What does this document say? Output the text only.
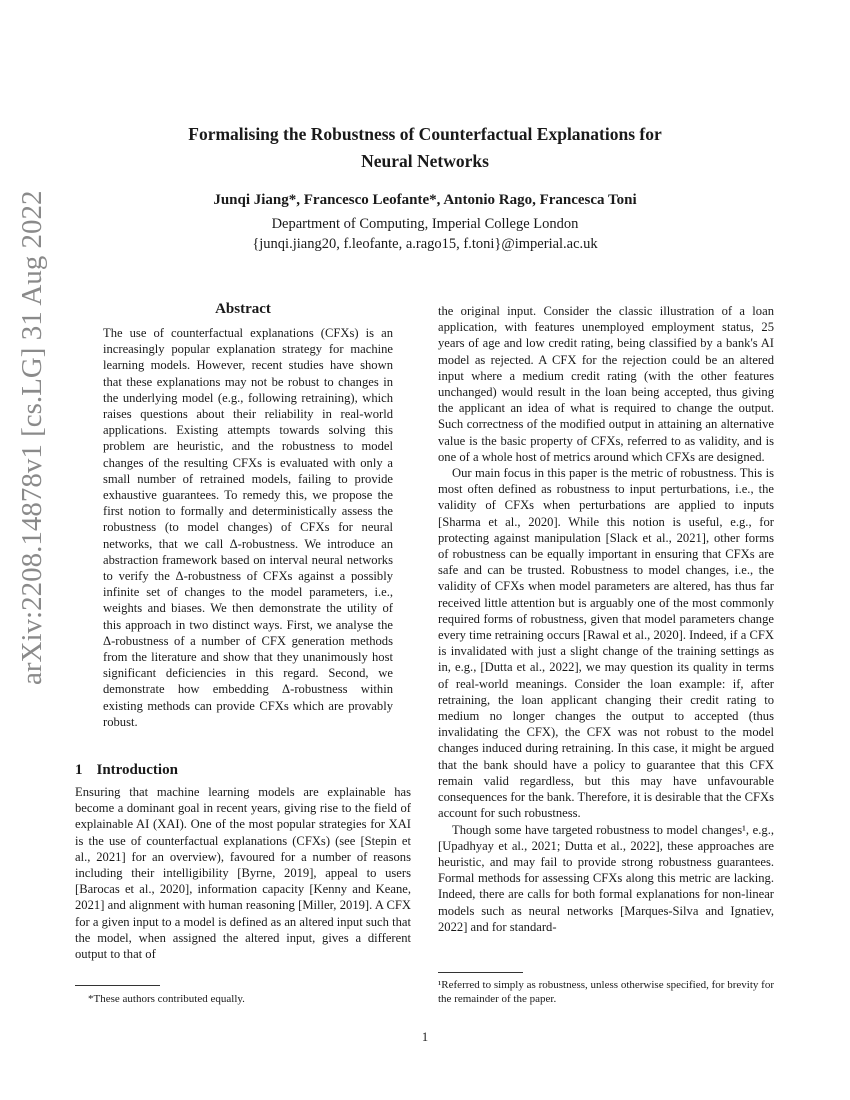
arXiv:2208.14878v1 [cs.LG] 31 Aug 2022
Formalising the Robustness of Counterfactual Explanations for
Neural Networks
Junqi Jiang*, Francesco Leofante*, Antonio Rago, Francesca Toni
Department of Computing, Imperial College London
{junqi.jiang20, f.leofante, a.rago15, f.toni}@imperial.ac.uk
Abstract
The use of counterfactual explanations (CFXs) is an increasingly popular explanation strategy for machine learning models. However, recent studies have shown that these explanations may not be robust to changes in the underlying model (e.g., following retraining), which raises questions about their reliability in real-world applications. Existing attempts towards solving this problem are heuristic, and the robustness to model changes of the resulting CFXs is evaluated with only a small number of retrained models, failing to provide exhaustive guarantees. To remedy this, we propose the first notion to formally and deterministically assess the robustness (to model changes) of CFXs for neural networks, that we call Δ-robustness. We introduce an abstraction framework based on interval neural networks to verify the Δ-robustness of CFXs against a possibly infinite set of changes to the model parameters, i.e., weights and biases. We then demonstrate the utility of this approach in two distinct ways. First, we analyse the Δ-robustness of a number of CFX generation methods from the literature and show that they unanimously host significant deficiencies in this regard. Second, we demonstrate how embedding Δ-robustness within existing methods can provide CFXs which are provably robust.
1 Introduction
Ensuring that machine learning models are explainable has become a dominant goal in recent years, giving rise to the field of explainable AI (XAI). One of the most popular strategies for XAI is the use of counterfactual explanations (CFXs) (see [Stepin et al., 2021] for an overview), favoured for a number of reasons including their intelligibility [Byrne, 2019], appeal to users [Barocas et al., 2020], information capacity [Kenny and Keane, 2021] and alignment with human reasoning [Miller, 2019]. A CFX for a given input to a model is defined as an altered input such that the model, when assigned the altered input, gives a different output to that of
*These authors contributed equally.

the original input. Consider the classic illustration of a loan application, with features unemployed employment status, 25 years of age and low credit rating, being classified by a bank's AI model as rejected. A CFX for the rejection could be an altered input where a medium credit rating (with the other features unchanged) would result in the loan being accepted, thus giving the applicant an idea of what is required to change the output. Such correctness of the modified output in attaining an alternative value is the basic property of CFXs, referred to as validity, and is one of a whole host of metrics around which CFXs are designed.

Our main focus in this paper is the metric of robustness. This is most often defined as robustness to input perturbations, i.e., the validity of CFXs when perturbations are applied to inputs [Sharma et al., 2020]. While this notion is useful, e.g., for protecting against manipulation [Slack et al., 2021], other forms of robustness can be equally important in ensuring that CFXs are safe and can be trusted. Robustness to model changes, i.e., the validity of CFXs when model parameters are altered, has thus far received little attention but is arguably one of the most commonly required forms of robustness, given that model parameters change every time retraining occurs [Rawal et al., 2020]. Indeed, if a CFX is invalidated with just a slight change of the training settings as in, e.g., [Dutta et al., 2022], we may question its quality in terms of real-world meanings. Consider the loan example: if, after retraining, the loan applicant changing their credit rating to medium no longer changes the output to accepted (thus invalidating the CFX), the CFX was not robust to the model changes induced during retraining. In this case, it might be argued that the bank should have a policy to guarantee that this CFX remain valid regardless, but this may have unfavourable consequences for the bank. Therefore, it is desirable that the CFXs account for such robustness.

Though some have targeted robustness to model changes¹, e.g., [Upadhyay et al., 2021; Dutta et al., 2022], these approaches are heuristic, and may fail to provide strong robustness guarantees. Formal methods for assessing CFXs along this metric are lacking. Indeed, there are calls for both formal explanations for non-linear models such as neural networks [Marques-Silva and Ignatiev, 2022] and for standard-

¹Referred to simply as robustness, unless otherwise specified, for brevity for the remainder of the paper.
1
